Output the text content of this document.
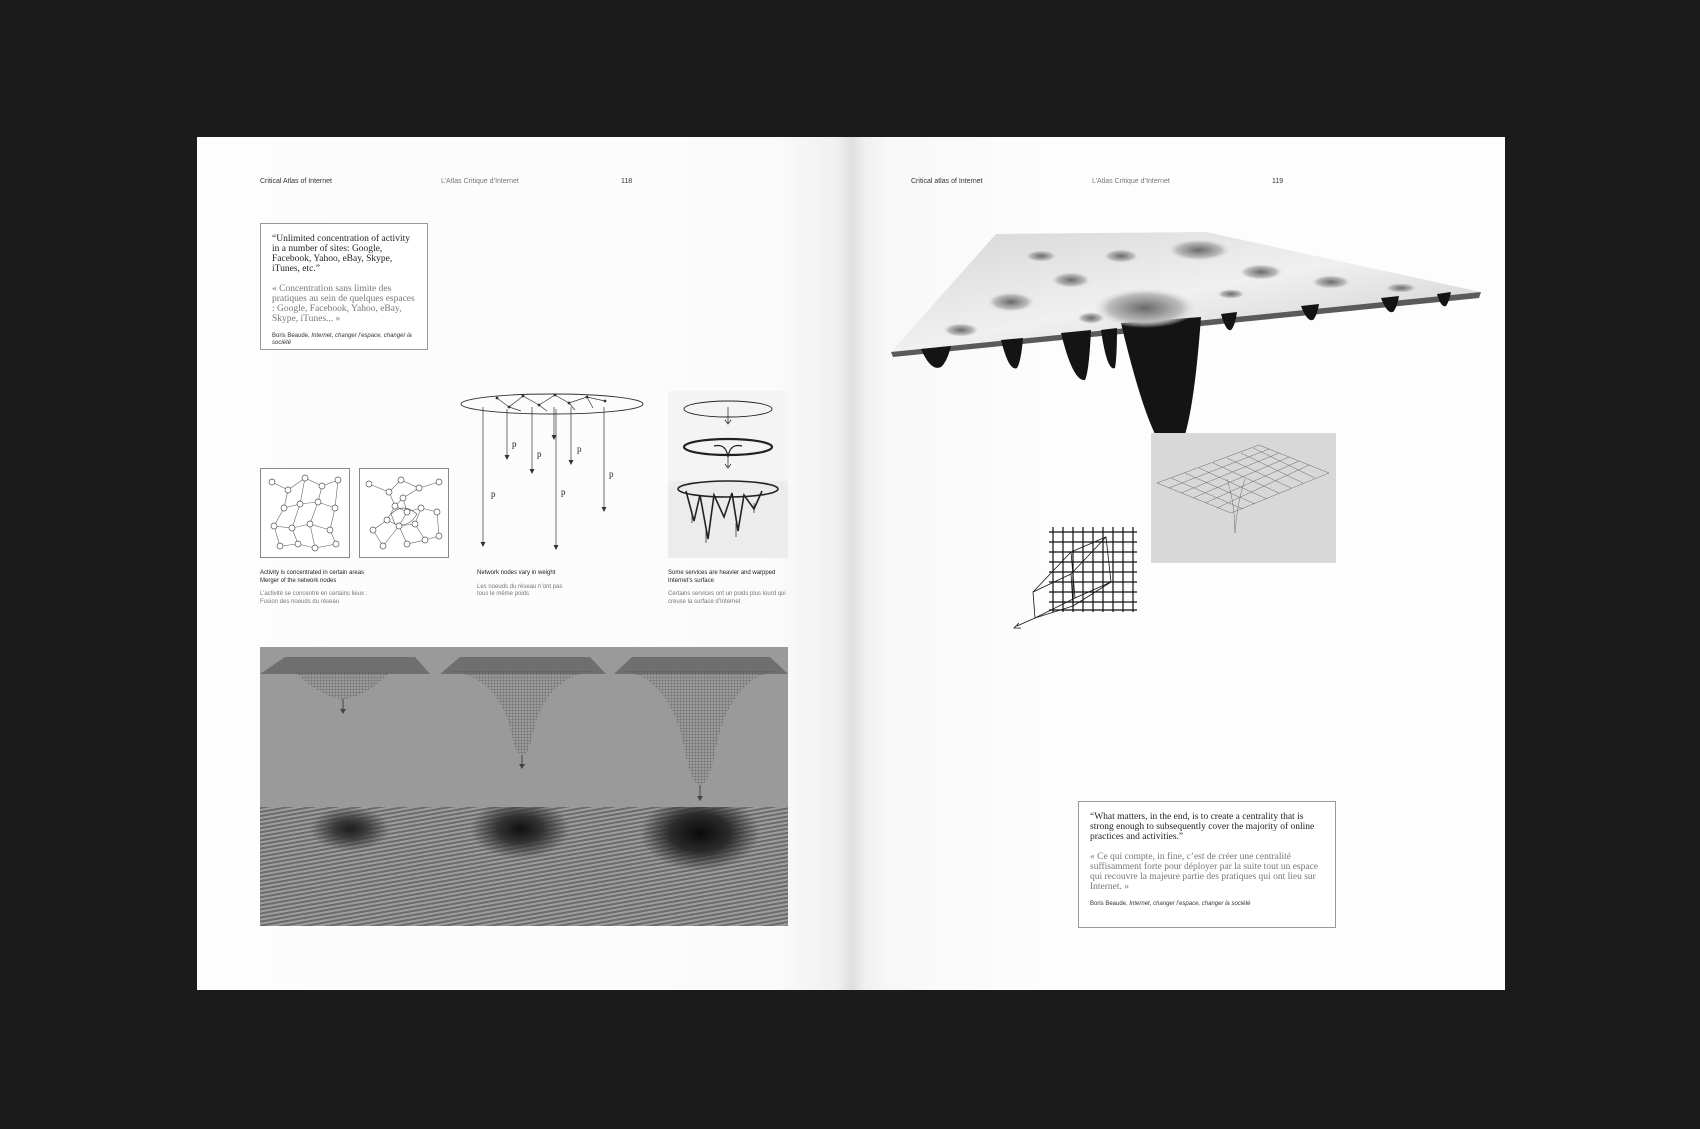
Critical Atlas of Internet	L’Atlas Critique d’Internet	118
“Unlimited concentration of activity in a number of sites: Google, Facebook, Yahoo, eBay, Skype, iTunes, etc.”
« Concentration sans limite des pratiques au sein de quelques espaces : Google, Facebook, Yahoo, eBay, Skype, iTunes... »
Boris Beaude, Internet, changer l’espace, changer la société
p
p
p
p
p
p
Activity is concentrated in certain areas
Merger of the network nodes
L’activité se concentre en certains lieux :
Fusion des noeuds du réseau
Network nodes vary in weight
Les noeuds du réseau n’ont pas
tous le même poids
Some services are heavier and warpped
Internet’s surface
Certains services ont un poids plus lourd qui
creuse la surface d’Internet
Critical atlas of Internet	L’Atlas Critique d’Internet	119
“What matters, in the end, is to create a centrality that is strong enough to subsequently cover the majority of online practices and activities.”
« Ce qui compte, in fine, c’est de créer une centralité suffisamment forte pour déployer par la suite tout un espace qui recouvre la majeure partie des pratiques qui ont lieu sur Internet. »
Boris Beaude, Internet, changer l’espace, changer la société
